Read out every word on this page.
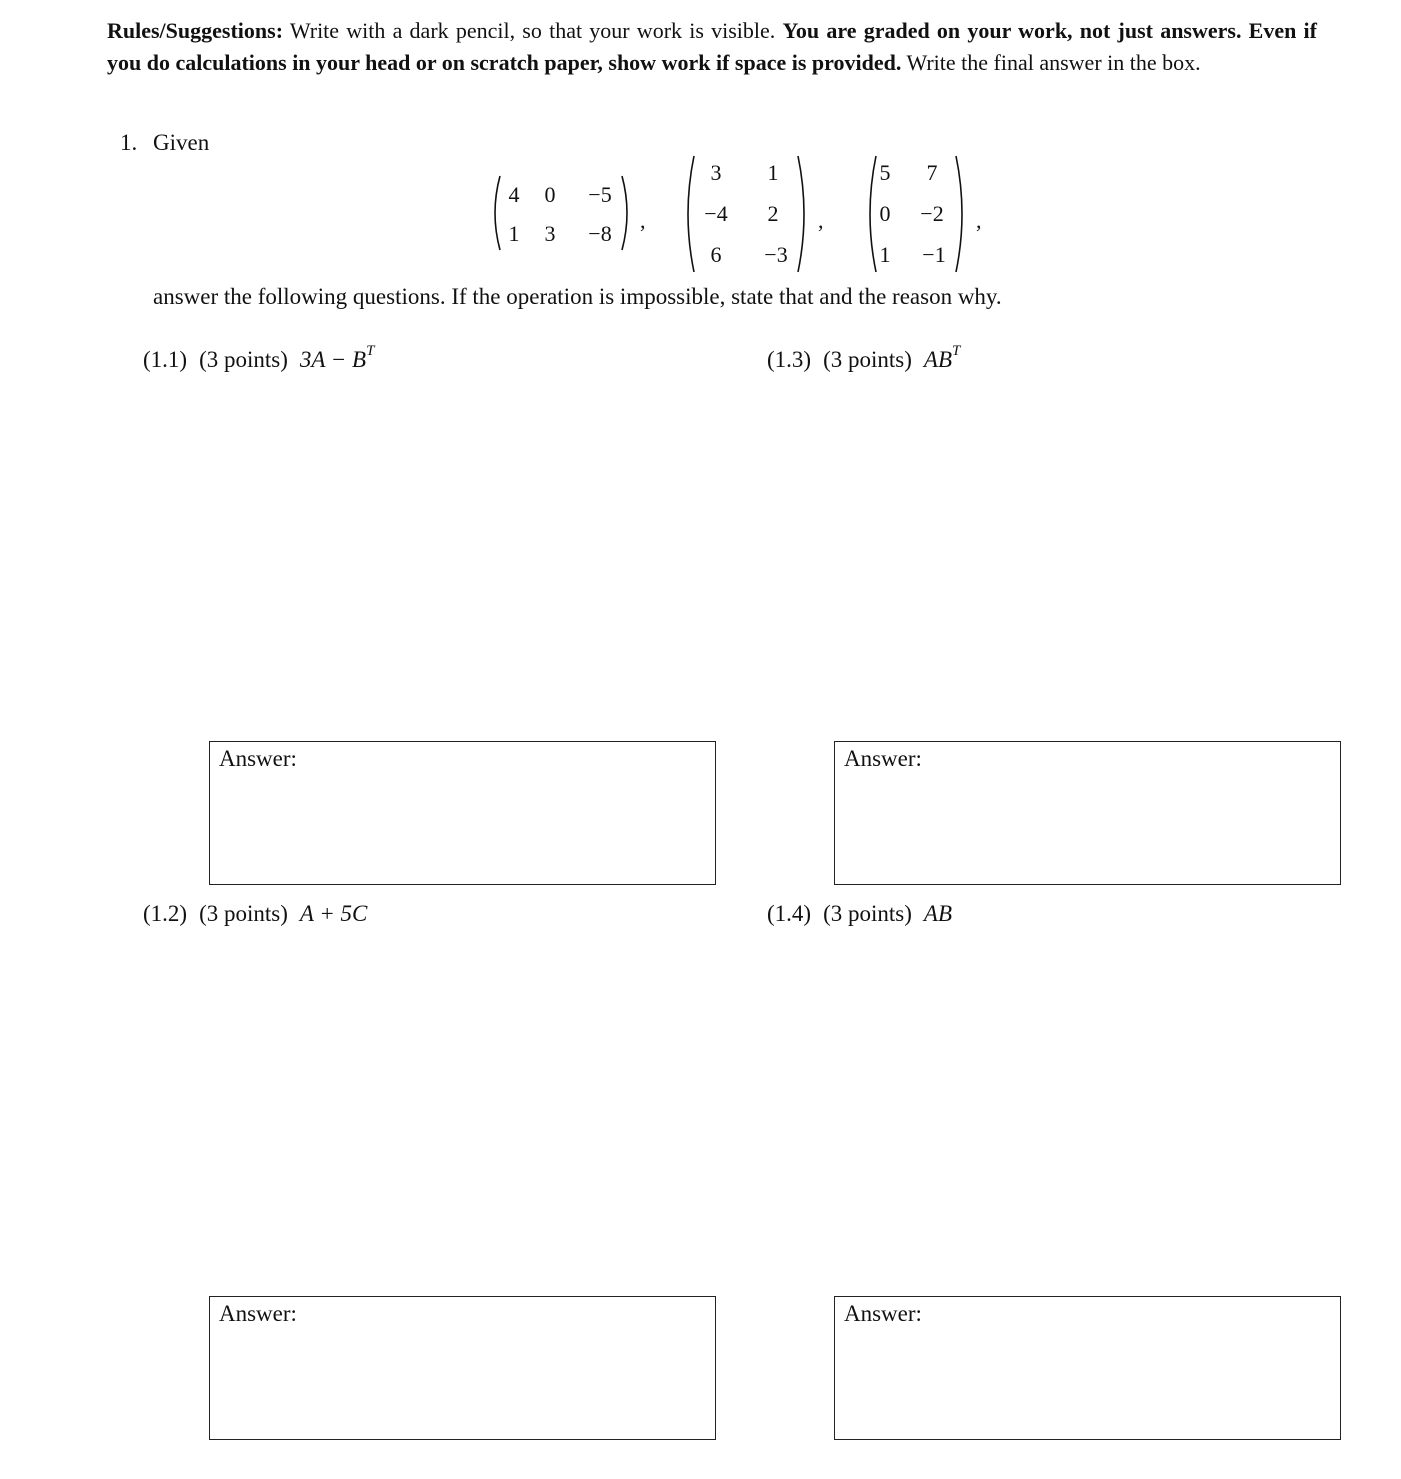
Rules/Suggestions: Write with a dark pencil, so that your work is visible. You are graded on your work, not just answers. Even if you do calculations in your head or on scratch paper, show work if space is provided. Write the final answer in the box.
1. Given
4	0	−5
1	3	−8
,
3	1
−4	2
6	−3
,
5	7
0	−2
1	−1
,
answer the following questions. If the operation is impossible, state that and the reason why.
(1.1) (3 points) $3A - B^T$	(1.3) (3 points) $AB^T$
Answer:	Answer:
(1.2) (3 points) A + 5C	(1.4) (3 points) AB
Answer:	Answer:
